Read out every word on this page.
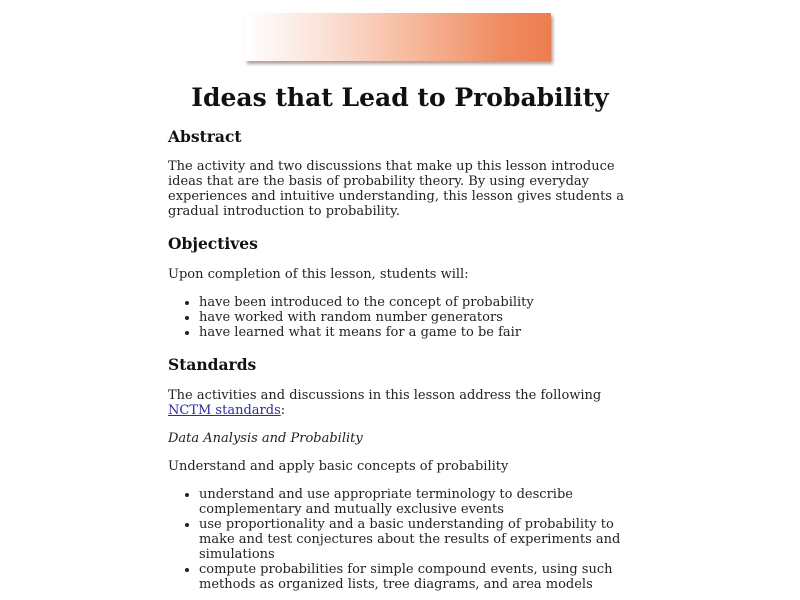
Ideas that Lead to Probability
Abstract

The activity and two discussions that make up this lesson introduce ideas that are the basis of probability theory. By using everyday experiences and intuitive understanding, this lesson gives students a gradual introduction to probability.

Objectives

Upon completion of this lesson, students will:

• have been introduced to the concept of probability
• have worked with random number generators
• have learned what it means for a game to be fair
Standards

The activities and discussions in this lesson address the following NCTM standards:

Data Analysis and Probability

Understand and apply basic concepts of probability

• understand and use appropriate terminology to describe complementary and mutually exclusive events
• use proportionality and a basic understanding of probability to make and test conjectures about the results of experiments and simulations
• compute probabilities for simple compound events, using such methods as organized lists, tree diagrams, and area models
